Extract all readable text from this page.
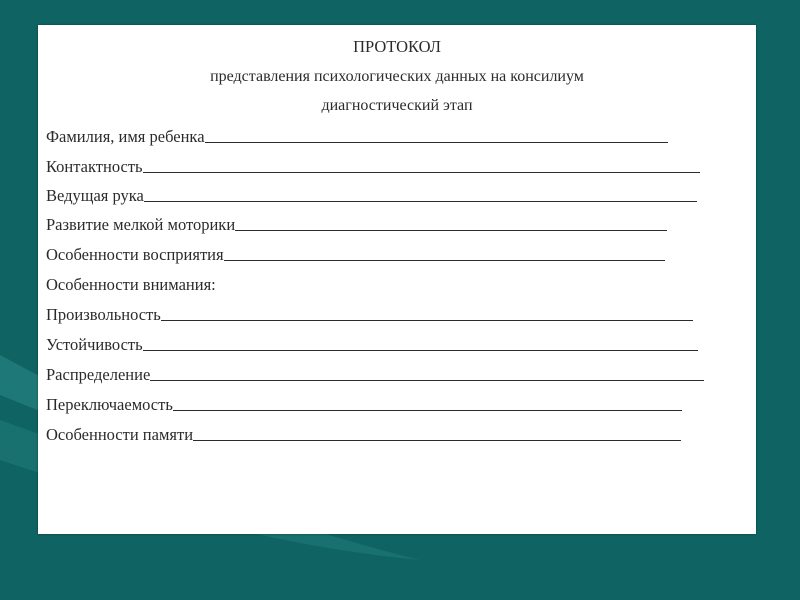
ПРОТОКОЛ
представления психологических данных на консилиум
диагностический этап
Фамилия, имя ребенка
Контактность
Ведущая рука
Развитие мелкой моторики
Особенности восприятия
Особенности внимания:
Произвольность
Устойчивость
Распределение
Переключаемость
Особенности памяти
